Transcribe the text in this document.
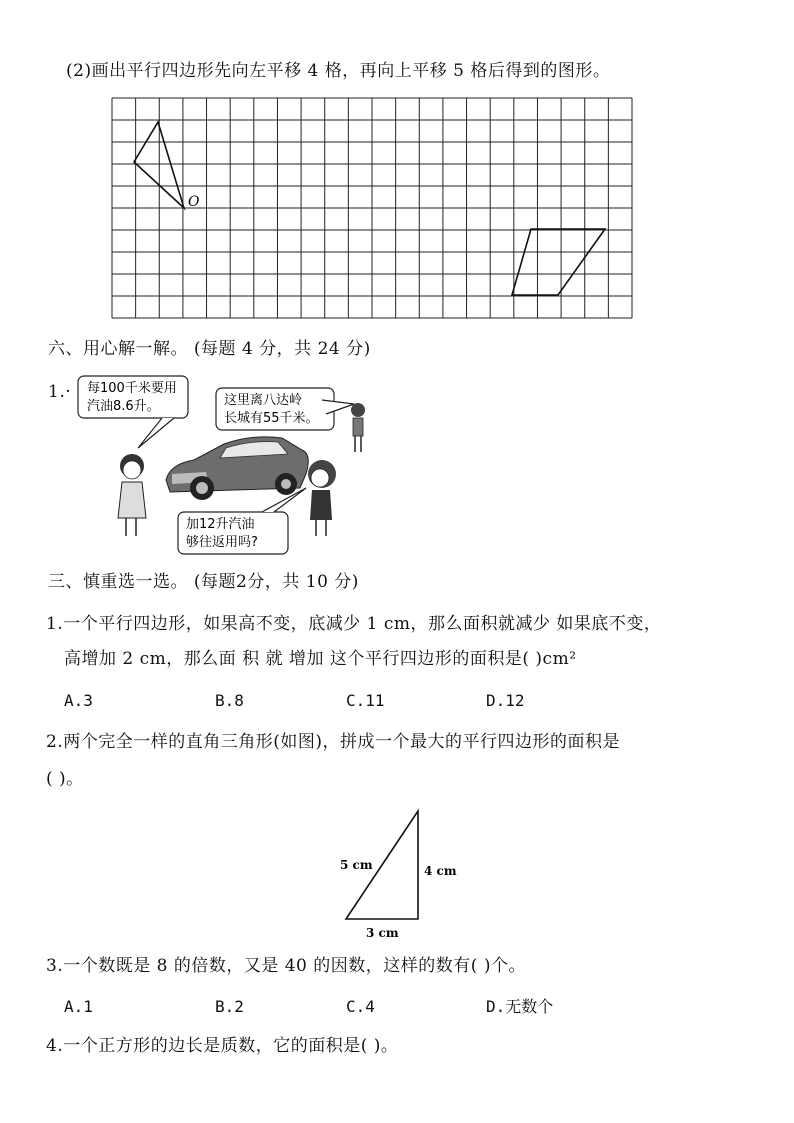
(2)画出平行四边形先向左平移 4 格，再向上平移 5 格后得到的图形。
O
六、用心解一解。 (每题 4 分，共 24 分)
1.· 每100千米要用
汽油8.6升。	这里离八达岭
长城有55千米。
加12升汽油
够往返用吗?
三、慎重选一选。 (每题2分，共 10 分)
1.一个平行四边形，如果高不变，底减少 1 cm，那么面积就减少 如果底不变，
高增加 2 cm，那么面 积 就 增加 这个平行四边形的面积是( )cm²
A.3	B.8	C.11	D.12
2.两个完全一样的直角三角形(如图)，拼成一个最大的平行四边形的面积是
( )。
5 cm	4 cm
3 cm
3.一个数既是 8 的倍数，又是 40 的因数，这样的数有( )个。
A.1	B.2	C.4	D.无数个
4.一个正方形的边长是质数，它的面积是( )。
